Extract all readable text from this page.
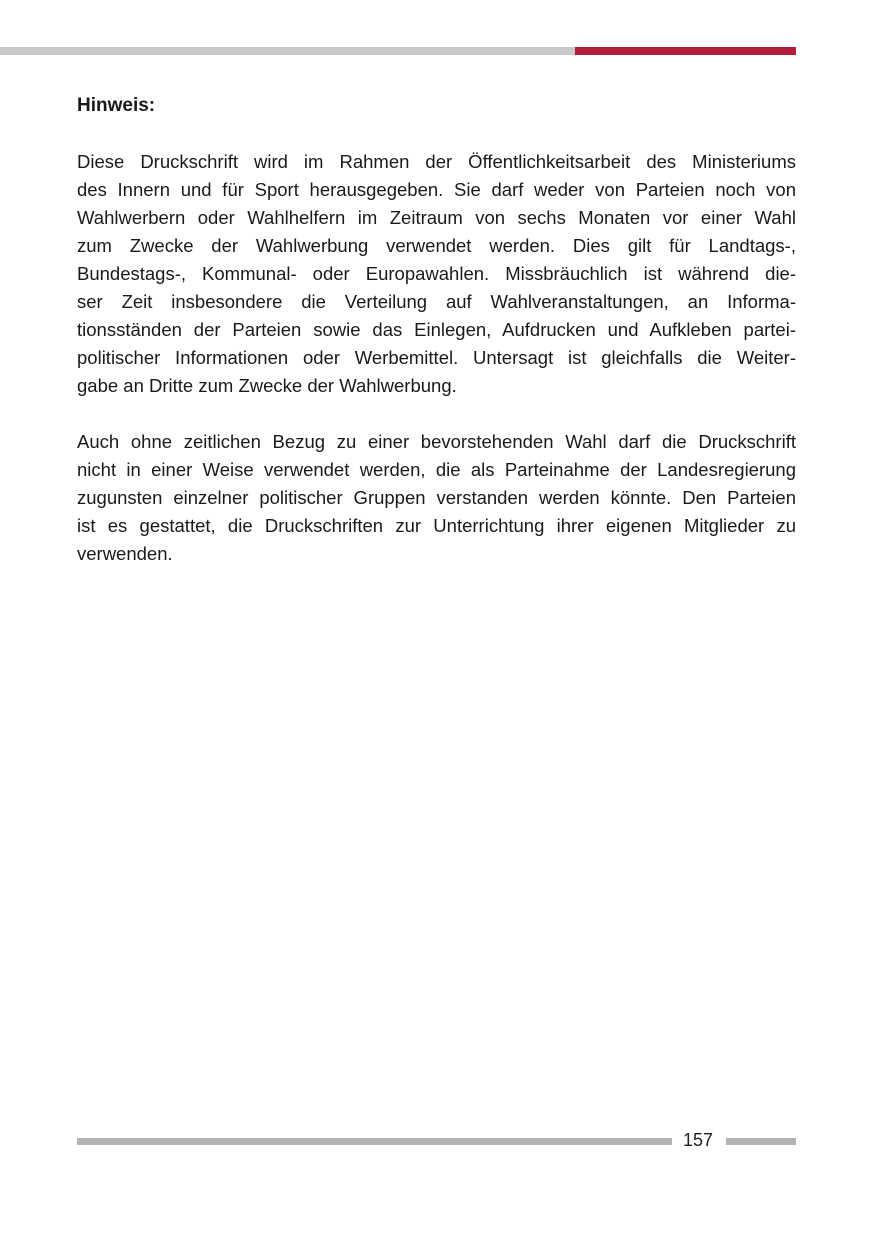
Hinweis:
Diese Druckschrift wird im Rahmen der Öffentlichkeitsarbeit des Ministeriums
des Innern und für Sport herausgegeben. Sie darf weder von Parteien noch von
Wahlwerbern oder Wahlhelfern im Zeitraum von sechs Monaten vor einer Wahl
zum Zwecke der Wahlwerbung verwendet werden. Dies gilt für Landtags-,
Bundestags-, Kommunal- oder Europawahlen. Missbräuchlich ist während die-
ser Zeit insbesondere die Verteilung auf Wahlveranstaltungen, an Informa-
tionsständen der Parteien sowie das Einlegen, Aufdrucken und Aufkleben partei-
politischer Informationen oder Werbemittel. Untersagt ist gleichfalls die Weiter-
gabe an Dritte zum Zwecke der Wahlwerbung.
Auch ohne zeitlichen Bezug zu einer bevorstehenden Wahl darf die Druckschrift
nicht in einer Weise verwendet werden, die als Parteinahme der Landesregierung
zugunsten einzelner politischer Gruppen verstanden werden könnte. Den Parteien
ist es gestattet, die Druckschriften zur Unterrichtung ihrer eigenen Mitglieder zu
verwenden.
157
